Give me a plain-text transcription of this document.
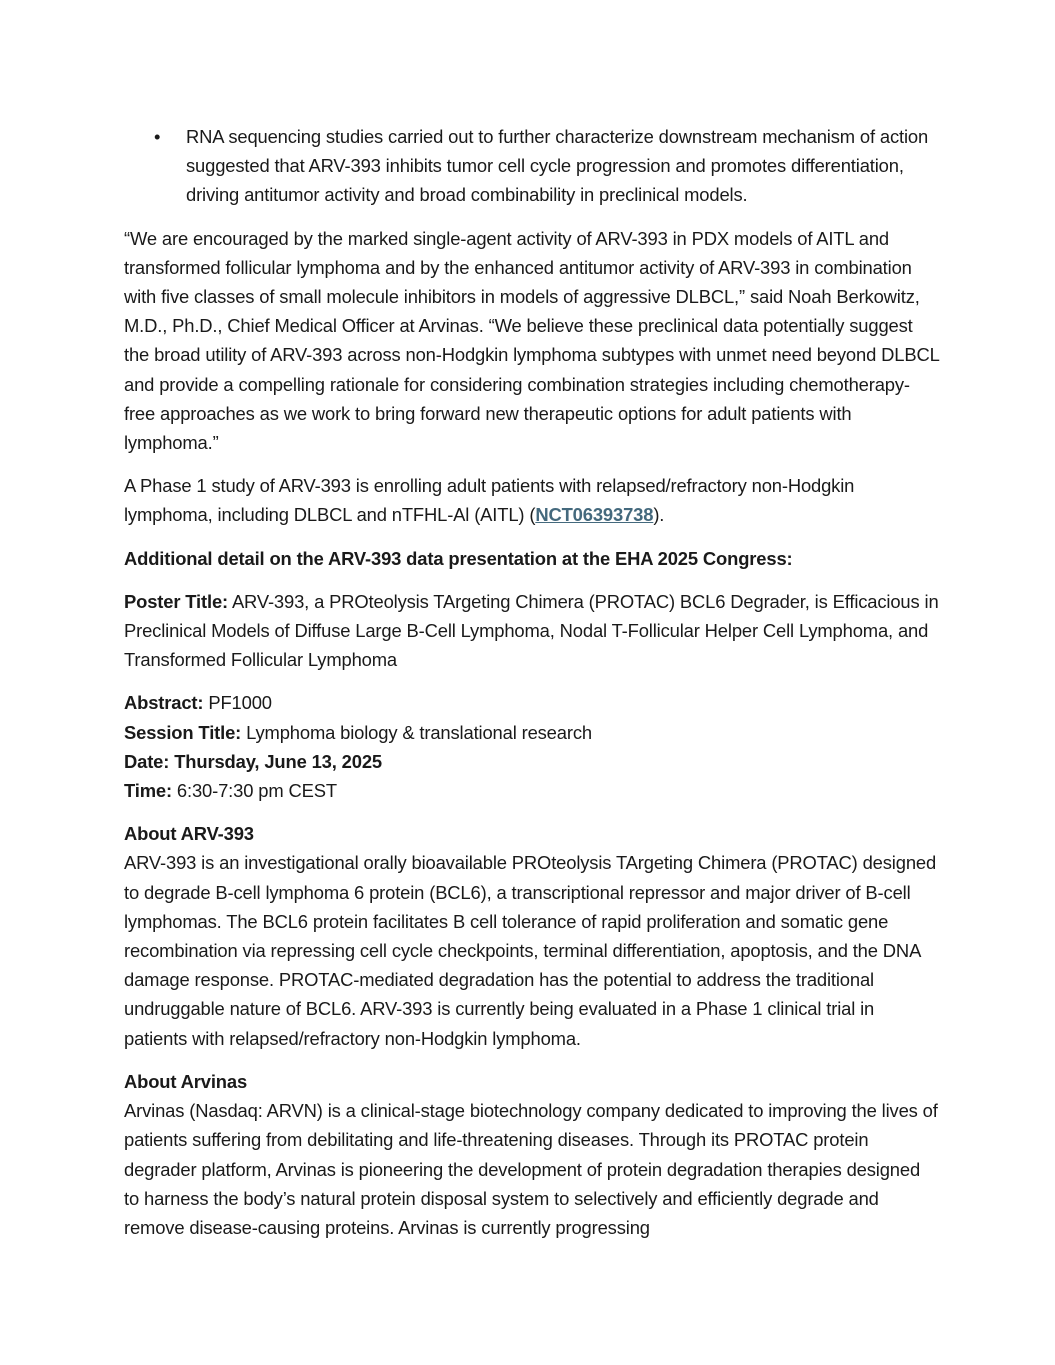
• RNA sequencing studies carried out to further characterize downstream mechanism of action suggested that ARV-393 inhibits tumor cell cycle progression and promotes differentiation, driving antitumor activity and broad combinability in preclinical models.

“We are encouraged by the marked single-agent activity of ARV-393 in PDX models of AITL and transformed follicular lymphoma and by the enhanced antitumor activity of ARV-393 in combination with five classes of small molecule inhibitors in models of aggressive DLBCL,” said Noah Berkowitz, M.D., Ph.D., Chief Medical Officer at Arvinas. “We believe these preclinical data potentially suggest the broad utility of ARV-393 across non-Hodgkin lymphoma subtypes with unmet need beyond DLBCL and provide a compelling rationale for considering combination strategies including chemotherapy-free approaches as we work to bring forward new therapeutic options for adult patients with lymphoma.”

A Phase 1 study of ARV-393 is enrolling adult patients with relapsed/refractory non-Hodgkin lymphoma, including DLBCL and nTFHL-Al (AITL) (NCT06393738).

Additional detail on the ARV-393 data presentation at the EHA 2025 Congress:

Poster Title: ARV-393, a PROteolysis TArgeting Chimera (PROTAC) BCL6 Degrader, is Efficacious in Preclinical Models of Diffuse Large B-Cell Lymphoma, Nodal T-Follicular Helper Cell Lymphoma, and Transformed Follicular Lymphoma

Abstract: PF1000
Session Title: Lymphoma biology & translational research
Date: Thursday, June 13, 2025
Time: 6:30-7:30 pm CEST
About ARV-393

ARV-393 is an investigational orally bioavailable PROteolysis TArgeting Chimera (PROTAC) designed to degrade B-cell lymphoma 6 protein (BCL6), a transcriptional repressor and major driver of B-cell lymphomas. The BCL6 protein facilitates B cell tolerance of rapid proliferation and somatic gene recombination via repressing cell cycle checkpoints, terminal differentiation, apoptosis, and the DNA damage response. PROTAC-mediated degradation has the potential to address the traditional undruggable nature of BCL6. ARV-393 is currently being evaluated in a Phase 1 clinical trial in patients with relapsed/refractory non-Hodgkin lymphoma.

About Arvinas

Arvinas (Nasdaq: ARVN) is a clinical-stage biotechnology company dedicated to improving the lives of patients suffering from debilitating and life-threatening diseases. Through its PROTAC protein degrader platform, Arvinas is pioneering the development of protein degradation therapies designed to harness the body’s natural protein disposal system to selectively and efficiently degrade and remove disease-causing proteins. Arvinas is currently progressing
